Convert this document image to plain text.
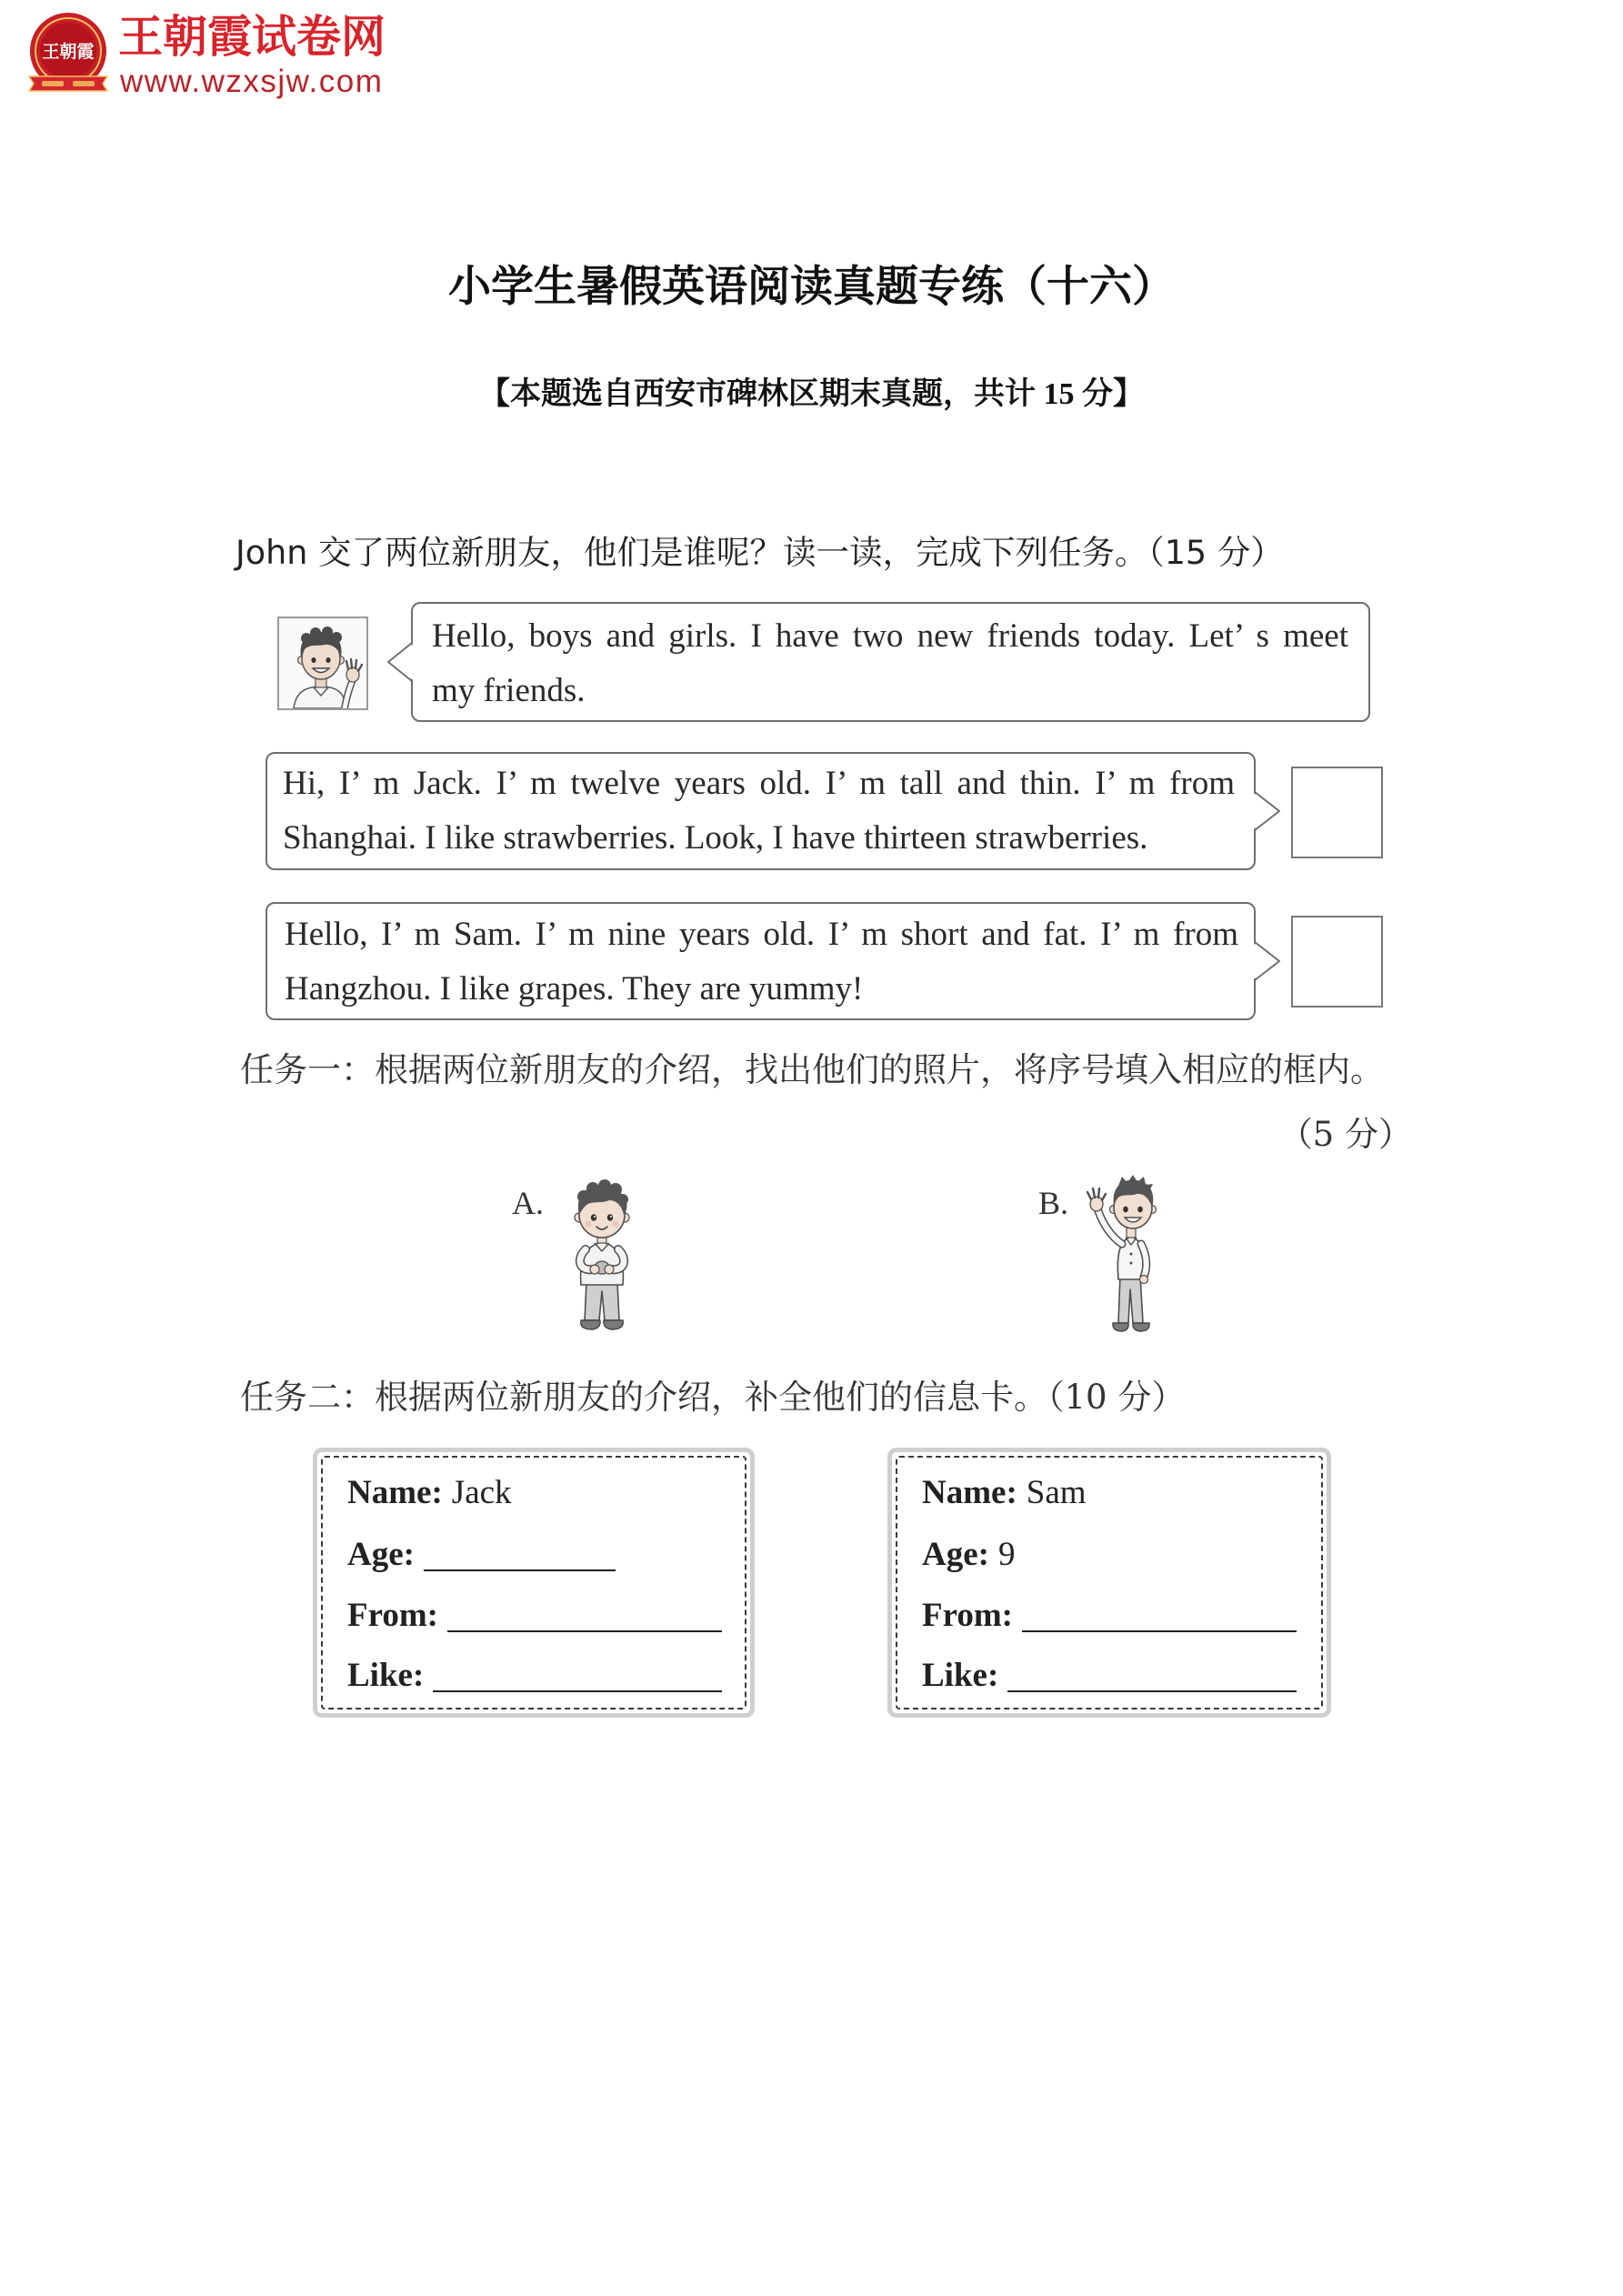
王朝霞 王朝霞试卷网
www.wzxsjw.com
小学生暑假英语阅读真题专练（十六）
【本题选自西安市碑林区期末真题，共计 15 分】
John 交了两位新朋友，他们是谁呢？读一读，完成下列任务。（15 分）
Hello, boys and girls. I have two new friends today. Let’ s meet
my friends.
Hi, I’ m Jack. I’ m twelve years old. I’ m tall and thin. I’ m from
Shanghai. I like strawberries. Look, I have thirteen strawberries.
Hello, I’ m Sam. I’ m nine years old. I’ m short and fat. I’ m from
Hangzhou. I like grapes. They are yummy!
任务一：根据两位新朋友的介绍，找出他们的照片，将序号填入相应的框内。
（5 分）
A.	B.
任务二：根据两位新朋友的介绍，补全他们的信息卡。（10 分）
Name: Jack
Age:
From:
Like:
Name: Sam
Age: 9
From:
Like:
